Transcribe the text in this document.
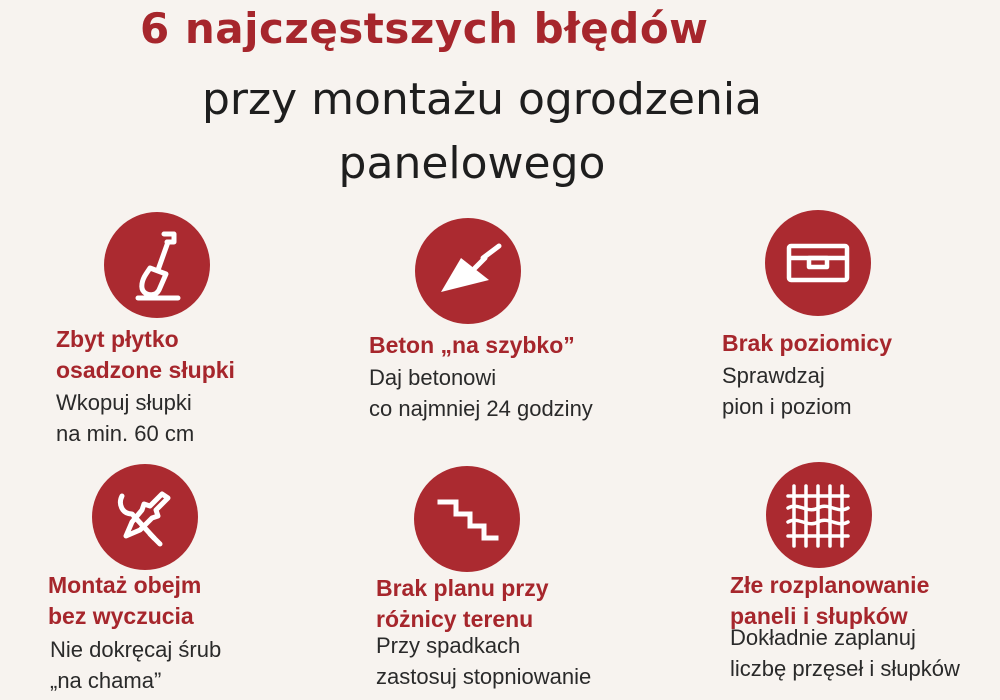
6 najczęstszych błędów
przy montażu ogrodzenia
panelowego
Zbyt płytko
osadzone słupki
Wkopuj słupki
na min. 60 cm
Beton „na szybko”
Daj betonowi
co najmniej 24 godziny
Brak poziomicy
Sprawdzaj
pion i poziom
Montaż obejm
bez wyczucia
Nie dokręcaj śrub
„na chama”
Brak planu przy
różnicy terenu
Przy spadkach
zastosuj stopniowanie
Złe rozplanowanie
paneli i słupków
Dokładnie zaplanuj
liczbę przęseł i słupków
